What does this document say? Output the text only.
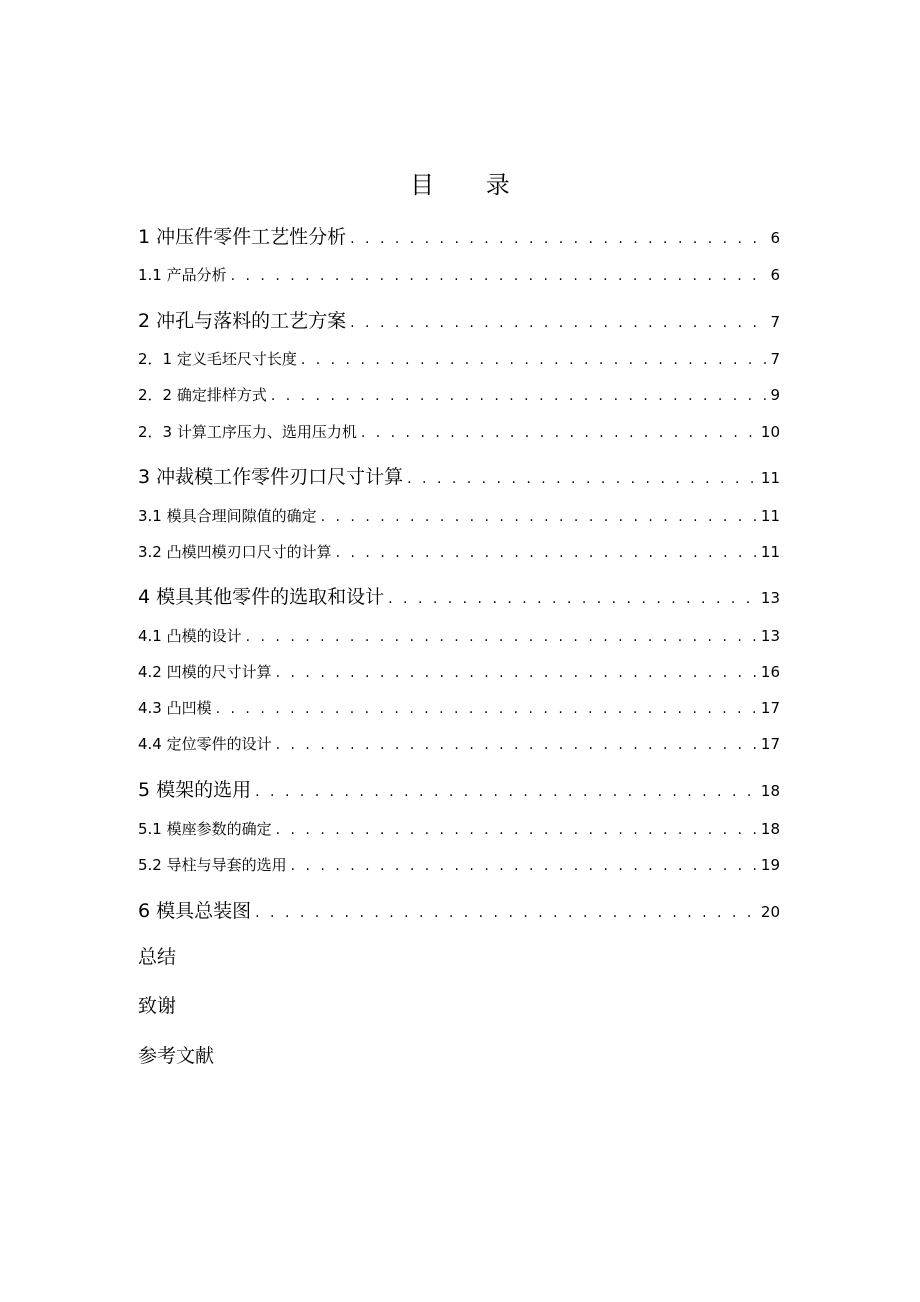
目 录
1 冲压件零件工艺性分析 . . .	6
1.1 产品分析 . . .	6
2 冲孔与落料的工艺方案 . . .	7
2．1 定义毛坯尺寸长度 . . .	7
2．2 确定排样方式 . . .	9
2．3 计算工序压力、选用压力机 . . .	10
3 冲裁模工作零件刃口尺寸计算 . . .	11
3.1 模具合理间隙值的确定 . . .	11
3.2 凸模凹模刃口尺寸的计算 . . .	11
4 模具其他零件的选取和设计 . . .	13
4.1 凸模的设计 . . .	13
4.2 凹模的尺寸计算 . . .	16
4.3 凸凹模 . . .	17
4.4 定位零件的设计 . . .	17
5 模架的选用 . . .	18
5.1 模座参数的确定 . . .	18
5.2 导柱与导套的选用 . . .	19
6 模具总装图 . . .	20
总结
致谢
参考文献
